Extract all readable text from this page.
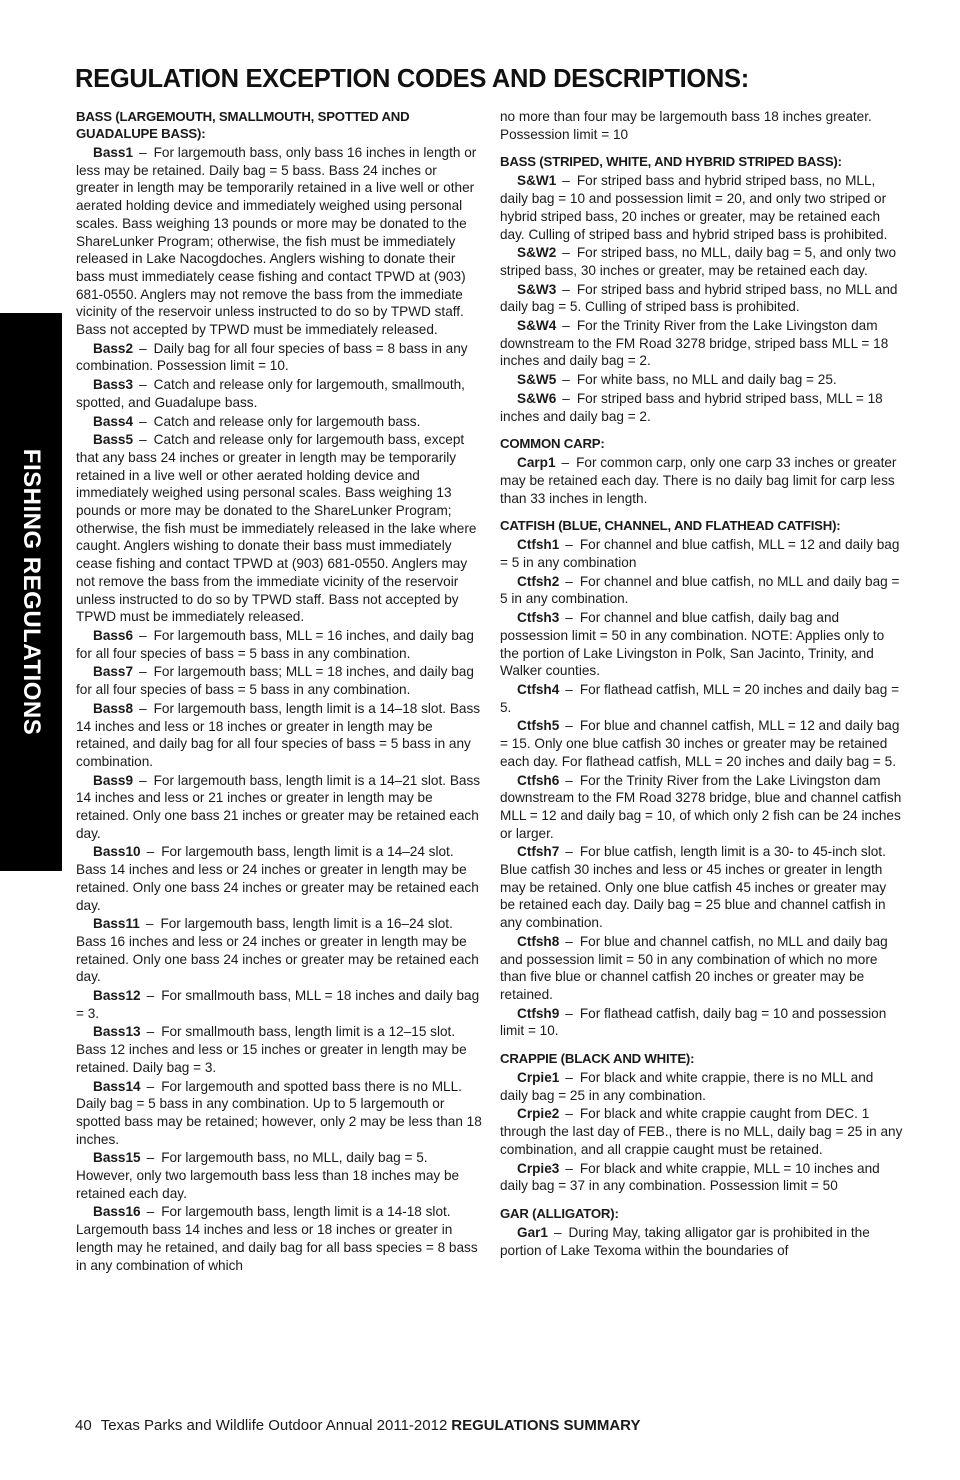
FISHING REGULATIONS
REGULATION EXCEPTION CODES AND DESCRIPTIONS:
BASS (LARGEMOUTH, SMALLMOUTH, SPOTTED AND GUADALUPE BASS):

Bass1 – For largemouth bass, only bass 16 inches in length or less may be retained. Daily bag = 5 bass. Bass 24 inches or greater in length may be temporarily retained in a live well or other aerated holding device and immediately weighed using personal scales. Bass weighing 13 pounds or more may be donated to the ShareLunker Program; otherwise, the fish must be immediately released in Lake Nacogdoches. Anglers wishing to donate their bass must immediately cease fishing and contact TPWD at (903) 681-0550. Anglers may not remove the bass from the immediate vicinity of the reservoir unless instructed to do so by TPWD staff. Bass not accepted by TPWD must be immediately released.

Bass2 – Daily bag for all four species of bass = 8 bass in any combination. Possession limit = 10.

Bass3 – Catch and release only for largemouth, smallmouth, spotted, and Guadalupe bass.

Bass4 – Catch and release only for largemouth bass.

Bass5 – Catch and release only for largemouth bass, except that any bass 24 inches or greater in length may be temporarily retained in a live well or other aerated holding device and immediately weighed using personal scales. Bass weighing 13 pounds or more may be donated to the ShareLunker Program; otherwise, the fish must be immediately released in the lake where caught. Anglers wishing to donate their bass must immediately cease fishing and contact TPWD at (903) 681-0550. Anglers may not remove the bass from the immediate vicinity of the reservoir unless instructed to do so by TPWD staff. Bass not accepted by TPWD must be immediately released.

Bass6 – For largemouth bass, MLL = 16 inches, and daily bag for all four species of bass = 5 bass in any combination.

Bass7 – For largemouth bass; MLL = 18 inches, and daily bag for all four species of bass = 5 bass in any combination.

Bass8 – For largemouth bass, length limit is a 14–18 slot. Bass 14 inches and less or 18 inches or greater in length may be retained, and daily bag for all four species of bass = 5 bass in any combination.

Bass9 – For largemouth bass, length limit is a 14–21 slot. Bass 14 inches and less or 21 inches or greater in length may be retained. Only one bass 21 inches or greater may be retained each day.

Bass10 – For largemouth bass, length limit is a 14–24 slot. Bass 14 inches and less or 24 inches or greater in length may be retained. Only one bass 24 inches or greater may be retained each day.

Bass11 – For largemouth bass, length limit is a 16–24 slot. Bass 16 inches and less or 24 inches or greater in length may be retained. Only one bass 24 inches or greater may be retained each day.

Bass12 – For smallmouth bass, MLL = 18 inches and daily bag = 3.

Bass13 – For smallmouth bass, length limit is a 12–15 slot. Bass 12 inches and less or 15 inches or greater in length may be retained. Daily bag = 3.

Bass14 – For largemouth and spotted bass there is no MLL. Daily bag = 5 bass in any combination. Up to 5 largemouth or spotted bass may be retained; however, only 2 may be less than 18 inches.

Bass15 – For largemouth bass, no MLL, daily bag = 5. However, only two largemouth bass less than 18 inches may be retained each day.

Bass16 – For largemouth bass, length limit is a 14-18 slot. Largemouth bass 14 inches and less or 18 inches or greater in length may he retained, and daily bag for all bass species = 8 bass in any combination of which

no more than four may be largemouth bass 18 inches greater. Possession limit = 10

BASS (STRIPED, WHITE, AND HYBRID STRIPED BASS):

S&W1 – For striped bass and hybrid striped bass, no MLL, daily bag = 10 and possession limit = 20, and only two striped or hybrid striped bass, 20 inches or greater, may be retained each day. Culling of striped bass and hybrid striped bass is prohibited.

S&W2 – For striped bass, no MLL, daily bag = 5, and only two striped bass, 30 inches or greater, may be retained each day.

S&W3 – For striped bass and hybrid striped bass, no MLL and daily bag = 5. Culling of striped bass is prohibited.

S&W4 – For the Trinity River from the Lake Livingston dam downstream to the FM Road 3278 bridge, striped bass MLL = 18 inches and daily bag = 2.

S&W5 – For white bass, no MLL and daily bag = 25.

S&W6 – For striped bass and hybrid striped bass, MLL = 18 inches and daily bag = 2.

COMMON CARP:

Carp1 – For common carp, only one carp 33 inches or greater may be retained each day. There is no daily bag limit for carp less than 33 inches in length.

CATFISH (BLUE, CHANNEL, AND FLATHEAD CATFISH):

Ctfsh1 – For channel and blue catfish, MLL = 12 and daily bag = 5 in any combination

Ctfsh2 – For channel and blue catfish, no MLL and daily bag = 5 in any combination.

Ctfsh3 – For channel and blue catfish, daily bag and possession limit = 50 in any combination. NOTE: Applies only to the portion of Lake Livingston in Polk, San Jacinto, Trinity, and Walker counties.

Ctfsh4 – For flathead catfish, MLL = 20 inches and daily bag = 5.

Ctfsh5 – For blue and channel catfish, MLL = 12 and daily bag = 15. Only one blue catfish 30 inches or greater may be retained each day. For flathead catfish, MLL = 20 inches and daily bag = 5.

Ctfsh6 – For the Trinity River from the Lake Livingston dam downstream to the FM Road 3278 bridge, blue and channel catfish MLL = 12 and daily bag = 10, of which only 2 fish can be 24 inches or larger.

Ctfsh7 – For blue catfish, length limit is a 30- to 45-inch slot. Blue catfish 30 inches and less or 45 inches or greater in length may be retained. Only one blue catfish 45 inches or greater may be retained each day. Daily bag = 25 blue and channel catfish in any combination.

Ctfsh8 – For blue and channel catfish, no MLL and daily bag and possession limit = 50 in any combination of which no more than five blue or channel catfish 20 inches or greater may be retained.

Ctfsh9 – For flathead catfish, daily bag = 10 and possession limit = 10.

CRAPPIE (BLACK AND WHITE):

Crpie1 – For black and white crappie, there is no MLL and daily bag = 25 in any combination.

Crpie2 – For black and white crappie caught from DEC. 1 through the last day of FEB., there is no MLL, daily bag = 25 in any combination, and all crappie caught must be retained.

Crpie3 – For black and white crappie, MLL = 10 inches and daily bag = 37 in any combination. Possession limit = 50

GAR (ALLIGATOR):

Gar1 – During May, taking alligator gar is prohibited in the portion of Lake Texoma within the boundaries of

40 Texas Parks and Wildlife Outdoor Annual 2011-2012 REGULATIONS SUMMARY
